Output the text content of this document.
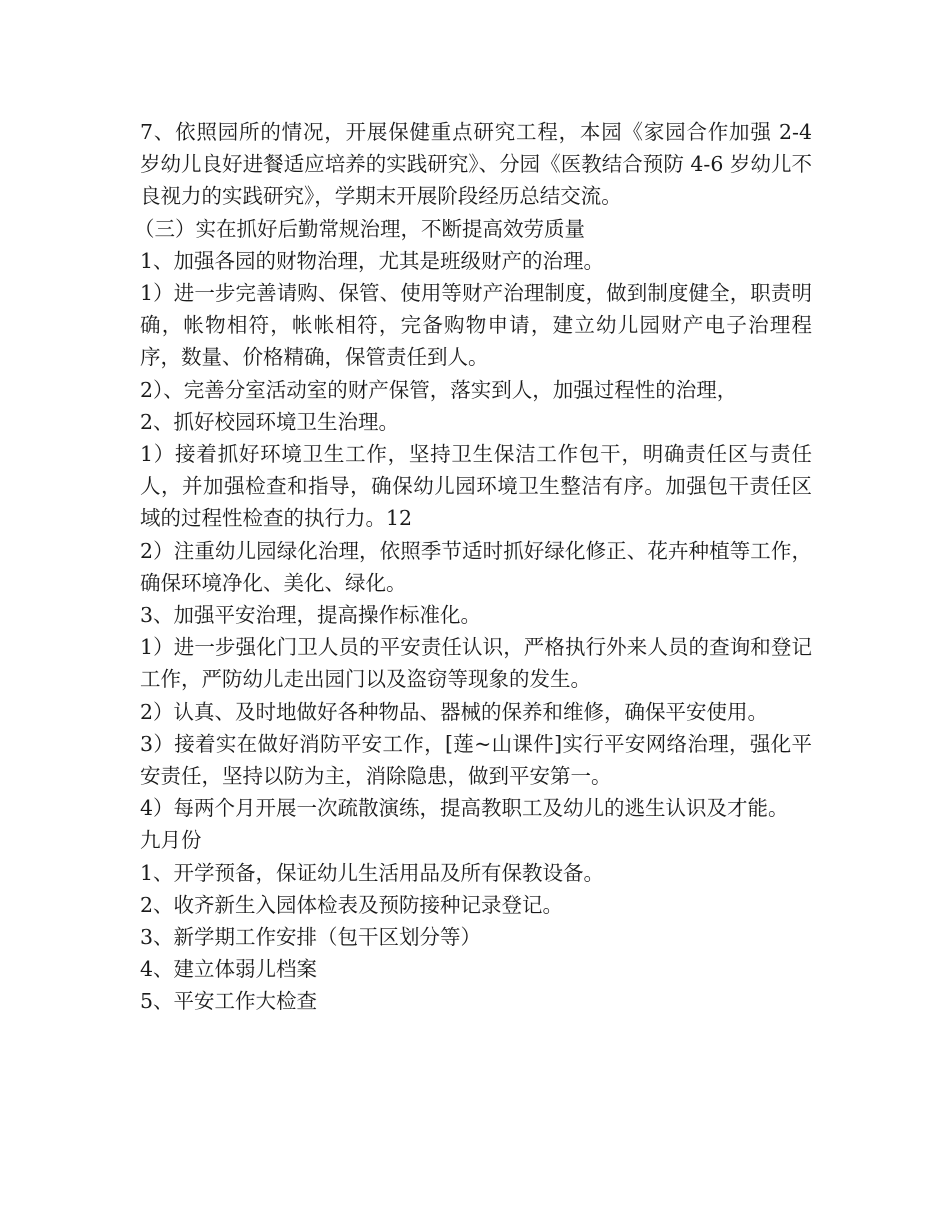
7、依照园所的情况，开展保健重点研究工程，本园《家园合作加强 2-4 岁幼儿良好进餐适应培养的实践研究》、分园《医教结合预防 4-6 岁幼儿不良视力的实践研究》，学期末开展阶段经历总结交流。

（三）实在抓好后勤常规治理，不断提高效劳质量

1、加强各园的财物治理，尤其是班级财产的治理。

1）进一步完善请购、保管、使用等财产治理制度，做到制度健全，职责明确，帐物相符，帐帐相符，完备购物申请，建立幼儿园财产电子治理程序，数量、价格精确，保管责任到人。

2）、完善分室活动室的财产保管，落实到人，加强过程性的治理，

2、抓好校园环境卫生治理。

1）接着抓好环境卫生工作，坚持卫生保洁工作包干，明确责任区与责任人，并加强检查和指导，确保幼儿园环境卫生整洁有序。加强包干责任区域的过程性检查的执行力。12

2）注重幼儿园绿化治理，依照季节适时抓好绿化修正、花卉种植等工作，确保环境净化、美化、绿化。

3、加强平安治理，提高操作标准化。

1）进一步强化门卫人员的平安责任认识，严格执行外来人员的查询和登记工作，严防幼儿走出园门以及盗窃等现象的发生。

2）认真、及时地做好各种物品、器械的保养和维修，确保平安使用。

3）接着实在做好消防平安工作，[莲~山课件]实行平安网络治理，强化平安责任，坚持以防为主，消除隐患，做到平安第一。

4）每两个月开展一次疏散演练，提高教职工及幼儿的逃生认识及才能。

九月份

1、开学预备，保证幼儿生活用品及所有保教设备。

2、收齐新生入园体检表及预防接种记录登记。

3、新学期工作安排（包干区划分等）

4、建立体弱儿档案

5、平安工作大检查
